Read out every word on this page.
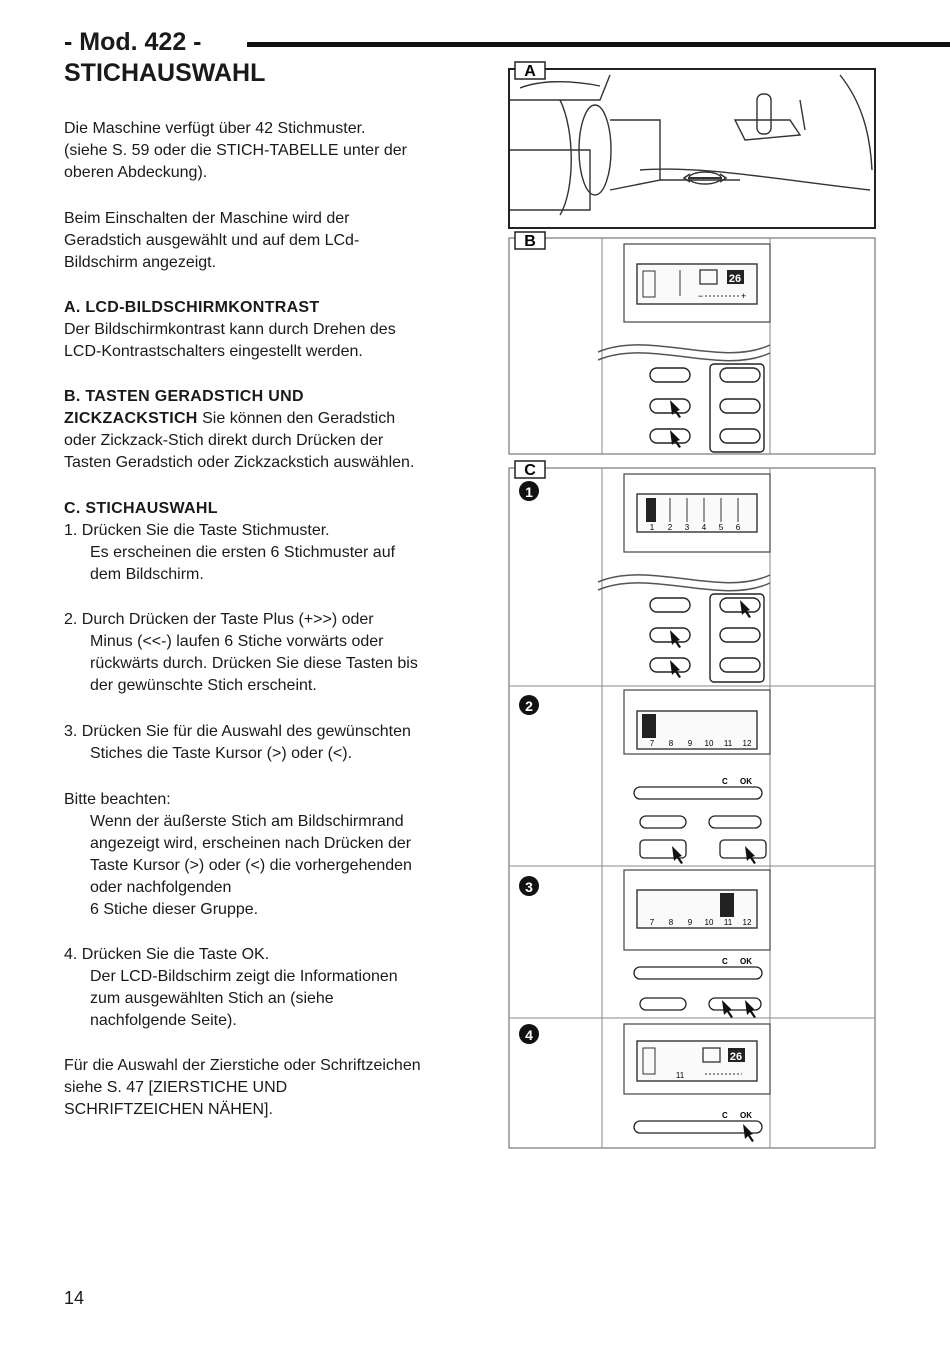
- Mod. 422 -
STICHAUSWAHL

Die Maschine verfügt über 42 Stichmuster.

(siehe S. 59 oder die STICH-TABELLE unter der

oberen Abdeckung).

Beim Einschalten der Maschine wird der

Geradstich ausgewählt und auf dem LCd-

Bildschirm angezeigt.

A. LCD-BILDSCHIRMKONTRAST

Der Bildschirmkontrast kann durch Drehen des

LCD-Kontrastschalters eingestellt werden.

B. TASTEN GERADSTICH UND

ZICKZACKSTICH Sie können den Geradstich

oder Zickzack-Stich direkt durch Drücken der

Tasten Geradstich oder Zickzackstich auswählen.

C. STICHAUSWAHL

1. Drücken Sie die Taste Stichmuster.

Es erscheinen die ersten 6 Stichmuster auf

dem Bildschirm.

2. Durch Drücken der Taste Plus (+>>) oder

Minus (<<-) laufen 6 Stiche vorwärts oder

rückwärts durch. Drücken Sie diese Tasten bis

der gewünschte Stich erscheint.

3. Drücken Sie für die Auswahl des gewünschten

Stiches die Taste Kursor (>) oder (<).

Bitte beachten:

Wenn der äußerste Stich am Bildschirmrand

angezeigt wird, erscheinen nach Drücken der

Taste Kursor (>) oder (<) die vorhergehenden

oder nachfolgenden

6 Stiche dieser Gruppe.

4. Drücken Sie die Taste OK.

Der LCD-Bildschirm zeigt die Informationen

zum ausgewählten Stich an (siehe

nachfolgende Seite).

Für die Auswahl der Zierstiche oder Schriftzeichen

siehe S. 47 [ZIERSTICHE UND

SCHRIFTZEICHEN NÄHEN].

14
A
B
26
+
−
C
1
2
3
4
1 2 3 4 5 6
7 8 9 10 11 12
C OK
7 8 9 10 11 12
C OK
26
11
C OK
